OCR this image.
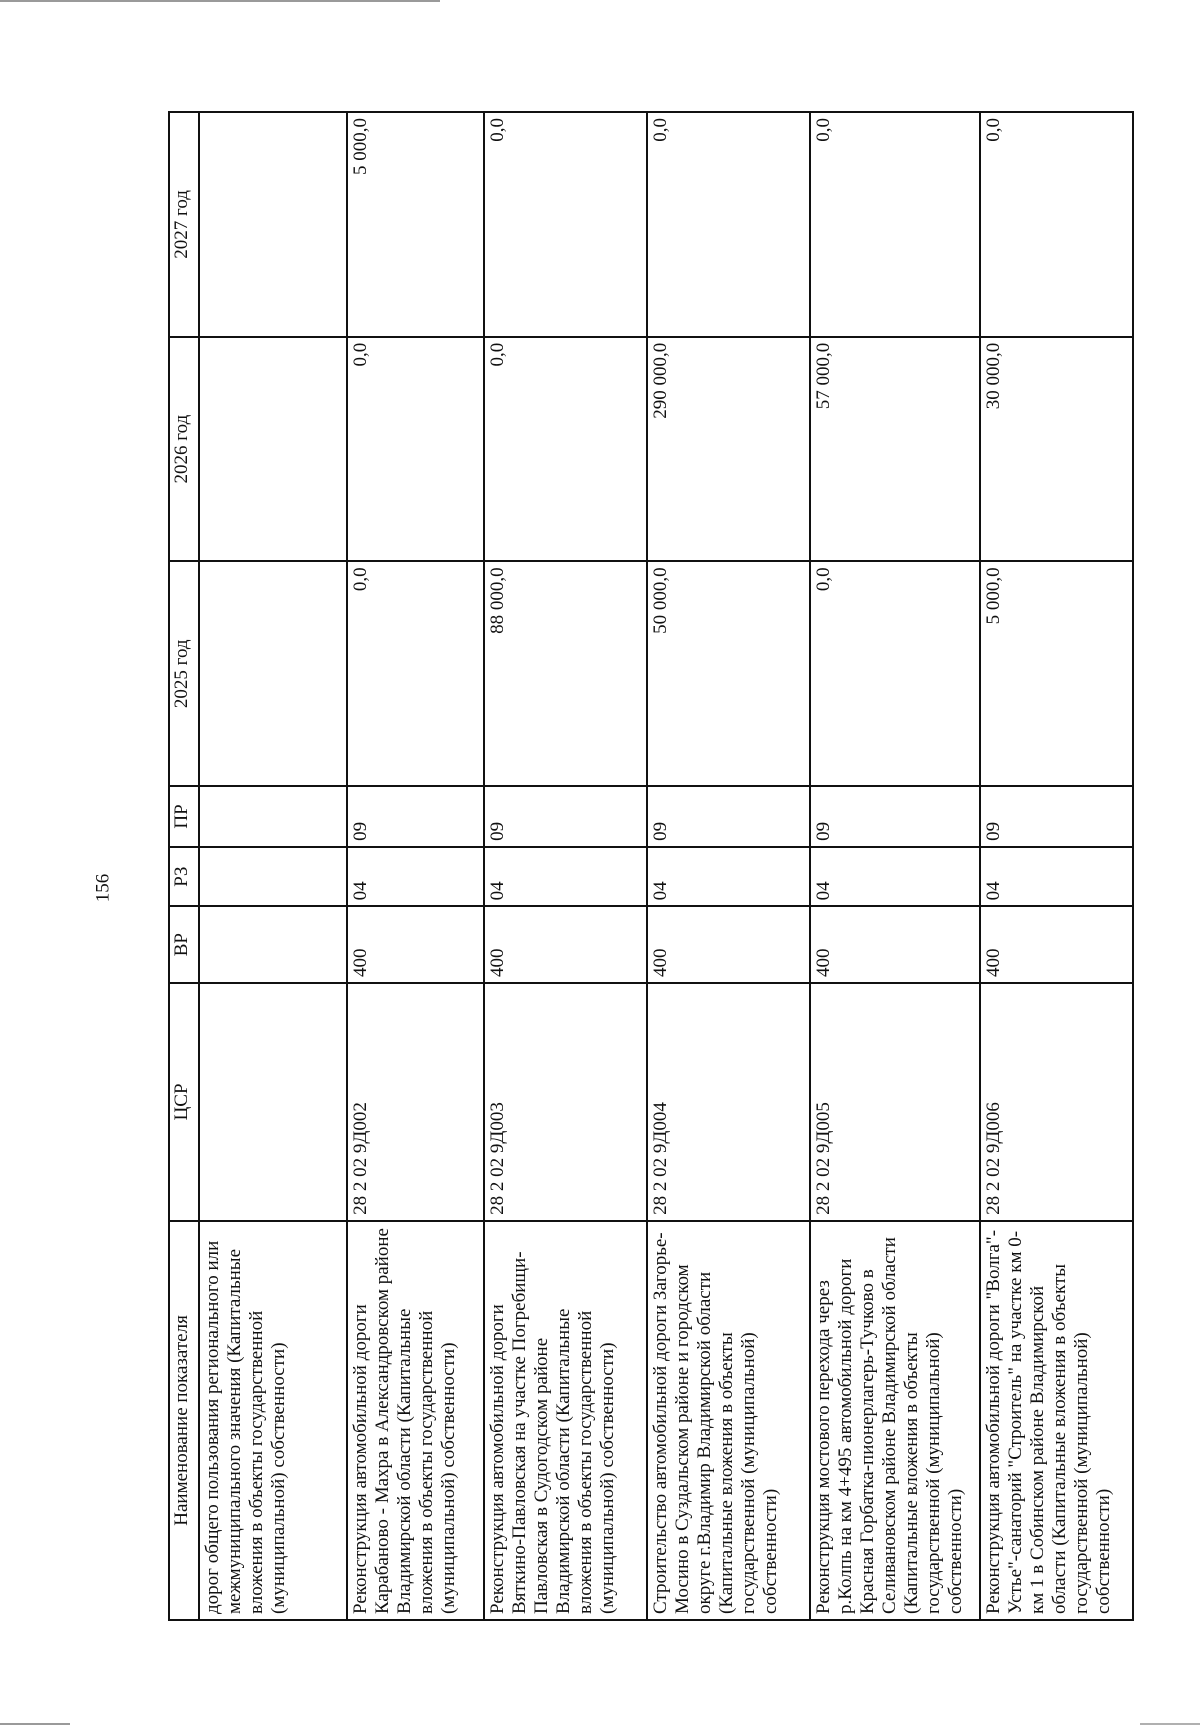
156
Наименование показателя	ЦСР	ВР	РЗ	ПР	2025 год	2026 год	2027 год
дорог общего пользования регионального или межмуниципального значения (Капитальные вложения в объекты государственной (муниципальной) собственности)							
Реконструкция автомобильной дороги Карабаново - Махра в Александровском районе Владимирской области (Капитальные вложения в объекты государственной (муниципальной) собственности)	28 2 02 9Д002	400	04	09	0,0	0,0	5 000,0
Реконструкция автомобильной дороги Вяткино-Павловская на участке Погребищи-Павловская в Судогодском районе Владимирской области (Капитальные вложения в объекты государственной (муниципальной) собственности)	28 2 02 9Д003	400	04	09	88 000,0	0,0	0,0
Строительство автомобильной дороги Загорье-Мосино в Суздальском районе и городском округе г.Владимир Владимирской области (Капитальные вложения в объекты государственной (муниципальной) собственности)	28 2 02 9Д004	400	04	09	50 000,0	290 000,0	0,0
Реконструкция мостового перехода через р.Колпь на км 4+495 автомобильной дороги Красная Горбатка-пионерлагерь-Тучково в Селивановском районе Владимирской области (Капитальные вложения в объекты государственной (муниципальной) собственности)	28 2 02 9Д005	400	04	09	0,0	57 000,0	0,0
Реконструкция автомобильной дороги "Волга"-Устье"-санаторий "Строитель" на участке км 0-км 1 в Собинском районе Владимирской области (Капитальные вложения в объекты государственной (муниципальной) собственности)	28 2 02 9Д006	400	04	09	5 000,0	30 000,0	0,0
